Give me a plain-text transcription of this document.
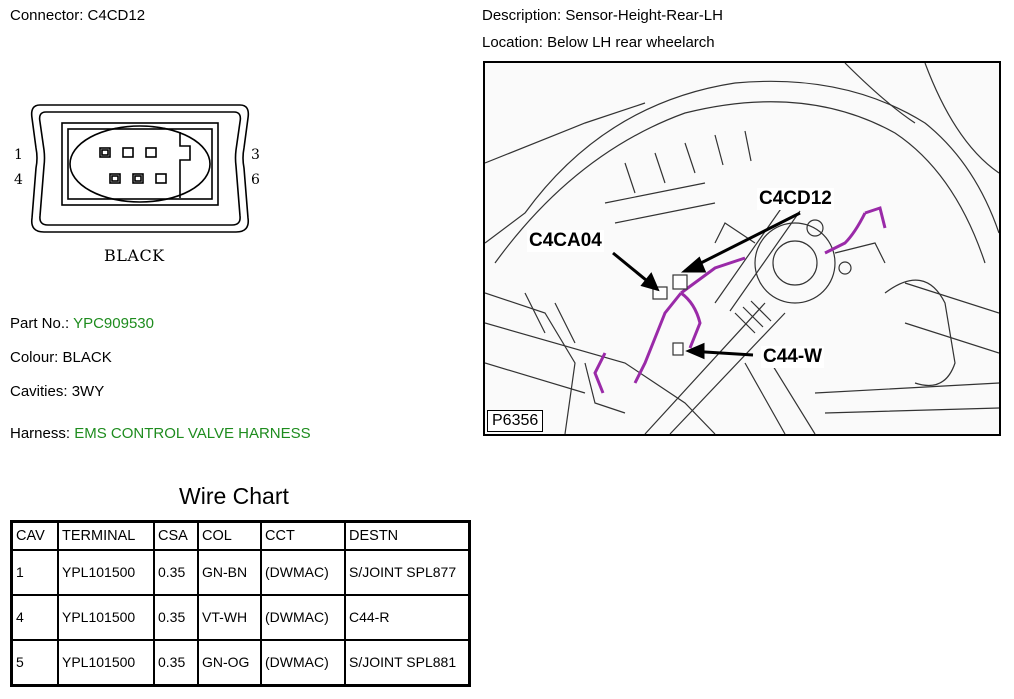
Connector: C4CD12	Description: Sensor-Height-Rear-LH
Location: Below LH rear wheelarch
1
4
3
6
BLACK
Part No.: YPC909530
Colour: BLACK
Cavities: 3WY
Harness: EMS CONTROL VALVE HARNESS
C4CD12
C4CA04
C44-W
P6356
Wire Chart
CAV	TERMINAL	CSA	COL	CCT	DESTN
1	YPL101500	0.35	GN-BN	(DWMAC)	S/JOINT SPL877
4	YPL101500	0.35	VT-WH	(DWMAC)	C44-R
5	YPL101500	0.35	GN-OG	(DWMAC)	S/JOINT SPL881
